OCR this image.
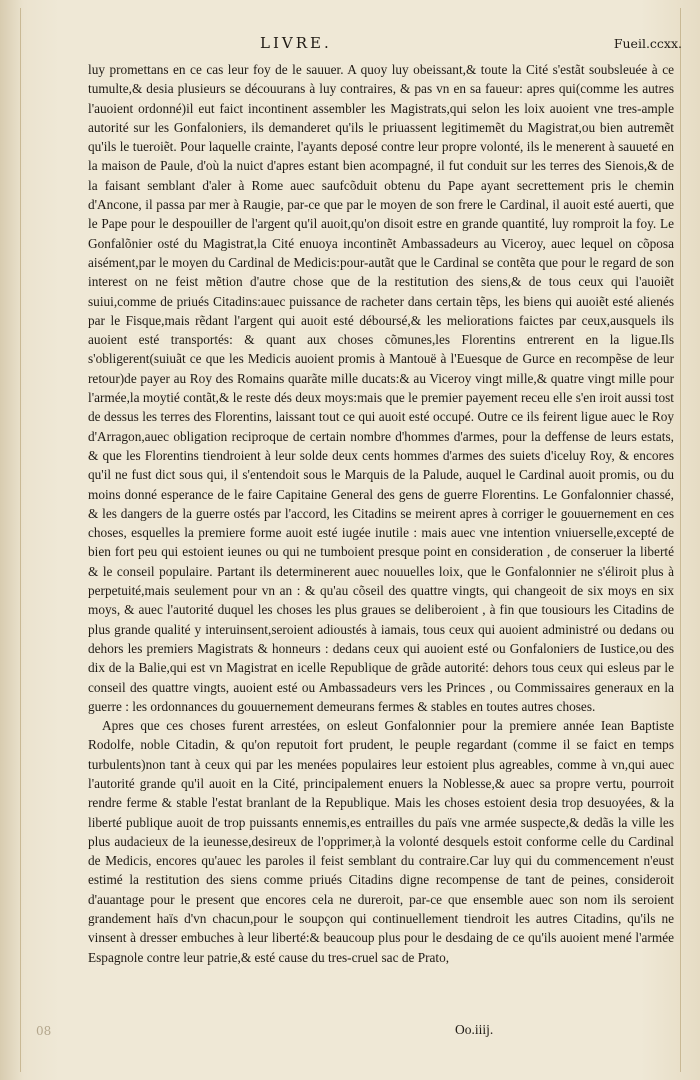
LIVRE.	Fueil.ccxx.

luy promettans en ce cas leur foy de le sauuer. A quoy luy obeissant,& toute la Cité s'estãt soubsleuée à ce tumulte,& desia plusieurs se découurans à luy contraires, & pas vn en sa faueur: apres qui(comme les autres l'auoient ordonné)il eut faict incontinent assembler les Magistrats,qui selon les loix auoient vne tres-ample autorité sur les Gonfaloniers, ils demanderet qu'ils le priuassent legitimemẽt du Magistrat,ou bien autremẽt qu'ils le tueroiẽt. Pour laquelle crainte, l'ayants deposé contre leur propre volonté, ils le menerent à sauueté en la maison de Paule, d'où la nuict d'apres estant bien acompagné, il fut conduit sur les terres des Sienois,& de la faisant semblant d'aler à Rome auec saufcõduit obtenu du Pape ayant secrettement pris le chemin d'Ancone, il passa par mer à Raugie, par-ce que par le moyen de son frere le Cardinal, il auoit esté auerti, que le Pape pour le despouiller de l'argent qu'il auoit,qu'on disoit estre en grande quantité, luy romproit la foy. Le Gonfalõnier osté du Magistrat,la Cité enuoya incontinẽt Ambassadeurs au Viceroy, auec lequel on cõposa aisément,par le moyen du Cardinal de Medicis:pour-autãt que le Cardinal se contẽta que pour le regard de son interest on ne feist mẽtion d'autre chose que de la restitution des siens,& de tous ceux qui l'auoiẽt suiui,comme de priués Citadins:auec puissance de racheter dans certain tẽps, les biens qui auoiẽt esté alienés par le Fisque,mais rẽdant l'argent qui auoit esté déboursé,& les meliorations faictes par ceux,ausquels ils auoient esté transportés: & quant aux choses cõmunes,les Florentins entrerent en la ligue.Ils s'obligerent(suiuãt ce que les Medicis auoient promis à Mantouë à l'Euesque de Gurce en recompẽse de leur retour)de payer au Roy des Romains quarãte mille ducats:& au Viceroy vingt mille,& quatre vingt mille pour l'armée,la moytié contãt,& le reste dés deux moys:mais que le premier payement receu elle s'en iroit aussi tost de dessus les terres des Florentins, laissant tout ce qui auoit esté occupé. Outre ce ils feirent ligue auec le Roy d'Arragon,auec obligation reciproque de certain nombre d'hommes d'armes, pour la deffense de leurs estats, & que les Florentins tiendroient à leur solde deux cents hommes d'armes des suiets d'iceluy Roy, & encores qu'il ne fust dict sous qui, il s'entendoit sous le Marquis de la Palude, auquel le Cardinal auoit promis, ou du moins donné esperance de le faire Capitaine General des gens de guerre Florentins. Le Gonfalonnier chassé, & les dangers de la guerre ostés par l'accord, les Citadins se meirent apres à corriger le gouuernement en ces choses, esquelles la premiere forme auoit esté iugée inutile : mais auec vne intention vniuerselle,excepté de bien fort peu qui estoient ieunes ou qui ne tumboient presque point en consideration , de conseruer la liberté & le conseil populaire. Partant ils determinerent auec nouuelles loix, que le Gonfalonnier ne s'éliroit plus à perpetuité,mais seulement pour vn an : & qu'au cõseil des quattre vingts, qui changeoit de six moys en six moys, & auec l'autorité duquel les choses les plus graues se deliberoient , à fin que tousiours les Citadins de plus grande qualité y interuinsent,seroient adioustés à iamais, tous ceux qui auoient administré ou dedans ou dehors les premiers Magistrats & honneurs : dedans ceux qui auoient esté ou Gonfaloniers de Iustice,ou des dix de la Balie,qui est vn Magistrat en icelle Republique de grãde autorité: dehors tous ceux qui esleus par le conseil des quattre vingts, auoient esté ou Ambassadeurs vers les Princes , ou Commissaires generaux en la guerre : les ordonnances du gouuernement demeurans fermes & stables en toutes autres choses.

Apres que ces choses furent arrestées, on esleut Gonfalonnier pour la premiere année Iean Baptiste Rodolfe, noble Citadin, & qu'on reputoit fort prudent, le peuple regardant (comme il se faict en temps turbulents)non tant à ceux qui par les menées populaires leur estoient plus agreables, comme à vn,qui auec l'autorité grande qu'il auoit en la Cité, principalement enuers la Noblesse,& auec sa propre vertu, pourroit rendre ferme & stable l'estat branlant de la Republique. Mais les choses estoient desia trop desuoyées, & la liberté publique auoit de trop puissants ennemis,es entrailles du païs vne armée suspecte,& dedãs la ville les plus audacieux de la ieunesse,desireux de l'opprimer,à la volonté desquels estoit conforme celle du Cardinal de Medicis, encores qu'auec les paroles il feist semblant du contraire.Car luy qui du commencement n'eust estimé la restitution des siens comme priués Citadins digne recompense de tant de peines, consideroit d'auantage pour le present que encores cela ne dureroit, par-ce que ensemble auec son nom ils seroient grandement haïs d'vn chacun,pour le soupçon qui continuellement tiendroit les autres Citadins, qu'ils ne vinsent à dresser embuches à leur liberté:& beaucoup plus pour le desdaing de ce qu'ils auoient mené l'armée Espagnole contre leur patrie,& esté cause du tres-cruel sac de Prato,

Oo.iiij.
08
